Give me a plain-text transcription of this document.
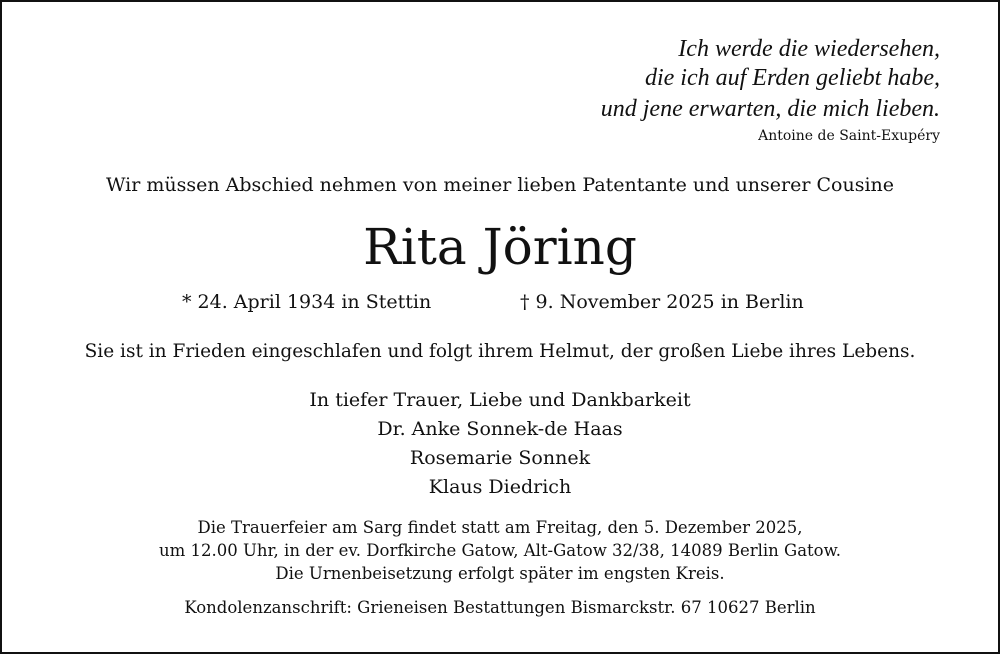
Ich werde die wiedersehen,
die ich auf Erden geliebt habe,
und jene erwarten, die mich lieben.
Antoine de Saint-Exupéry
Wir müssen Abschied nehmen von meiner lieben Patentante und unserer Cousine
Rita Jöring
* 24. April 1934 in Stettin	† 9. November 2025 in Berlin
Sie ist in Frieden eingeschlafen und folgt ihrem Helmut, der großen Liebe ihres Lebens.
In tiefer Trauer, Liebe und Dankbarkeit
Dr. Anke Sonnek-de Haas
Rosemarie Sonnek
Klaus Diedrich
Die Trauerfeier am Sarg findet statt am Freitag, den 5. Dezember 2025,
um 12.00 Uhr, in der ev. Dorfkirche Gatow, Alt-Gatow 32/38, 14089 Berlin Gatow.
Die Urnenbeisetzung erfolgt später im engsten Kreis.
Kondolenzanschrift: Grieneisen Bestattungen Bismarckstr. 67 10627 Berlin
